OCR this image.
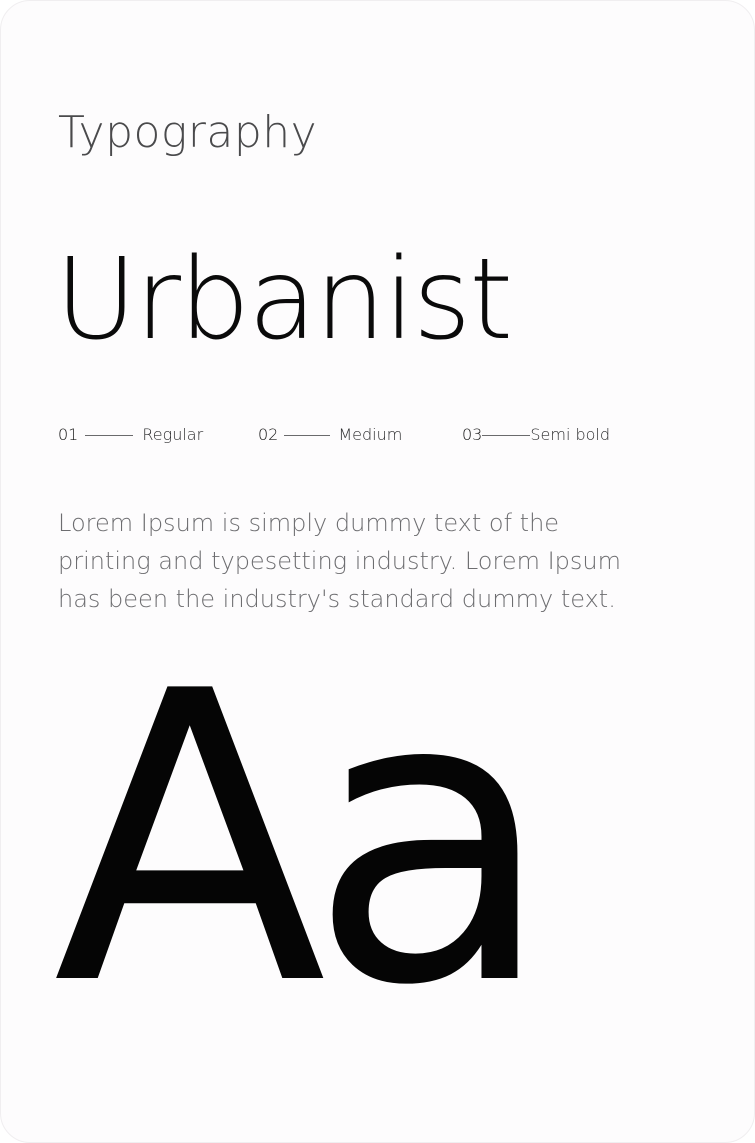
Typography
Urbanist
01	Regular	02	Medium	03	Semi bold

Lorem Ipsum is simply dummy text of the printing and typesetting industry. Lorem Ipsum has been the industry's standard dummy text.

Aa
